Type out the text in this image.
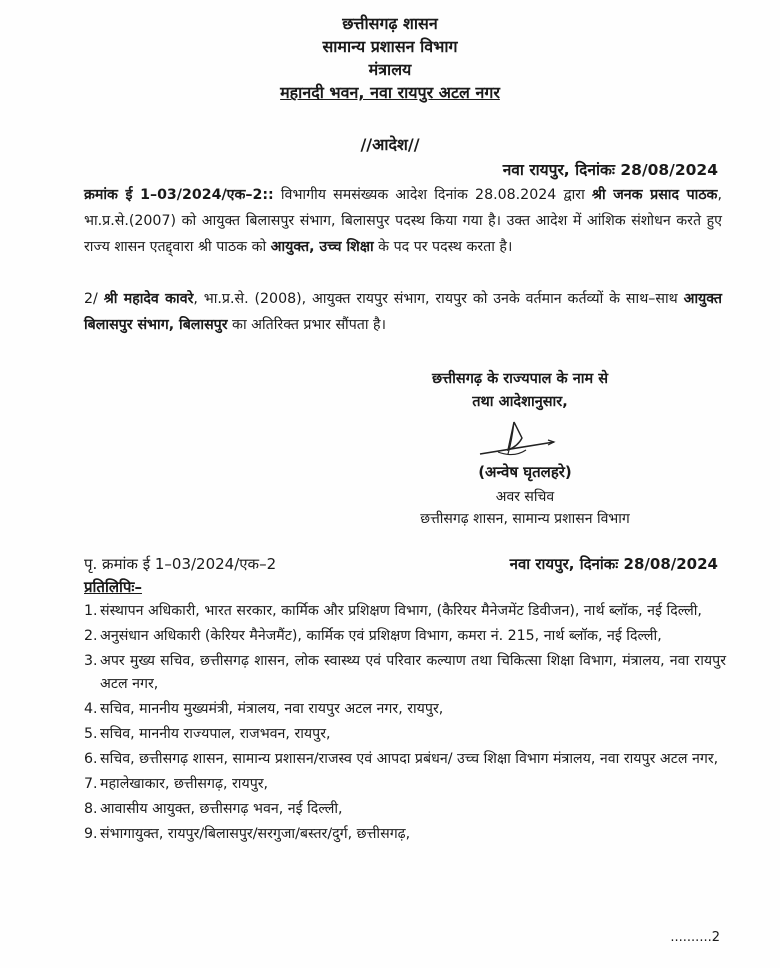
छत्तीसगढ़ शासन
सामान्य प्रशासन विभाग
मंत्रालय
महानदी भवन, नवा रायपुर अटल नगर
//आदेश//
नवा रायपुर, दिनांकः 28/08/2024
क्रमांक ई 1–03/2024/एक–2:: विभागीय समसंख्यक आदेश दिनांक 28.08.2024 द्वारा श्री जनक प्रसाद पाठक, भा.प्र.से.(2007) को आयुक्त बिलासपुर संभाग, बिलासपुर पदस्थ किया गया है। उक्त आदेश में आंशिक संशोधन करते हुए राज्य शासन एतद्द्वारा श्री पाठक को आयुक्त, उच्च शिक्षा के पद पर पदस्थ करता है।
2/ श्री महादेव कावरे, भा.प्र.से. (2008), आयुक्त रायपुर संभाग, रायपुर को उनके वर्तमान कर्तव्यों के साथ–साथ आयुक्त बिलासपुर संभाग, बिलासपुर का अतिरिक्त प्रभार सौंपता है।
छत्तीसगढ़ के राज्यपाल के नाम से
तथा आदेशानुसार,
(अन्वेष घृतलहरे)
अवर सचिव
छत्तीसगढ़ शासन, सामान्य प्रशासन विभाग
पृ. क्रमांक ई 1–03/2024/एक–2	नवा रायपुर, दिनांकः 28/08/2024
प्रतिलिपिः–
1. संस्थापन अधिकारी, भारत सरकार, कार्मिक और प्रशिक्षण विभाग, (कैरियर मैनेजमेंट डिवीजन), नार्थ ब्लॉक, नई दिल्ली,
2. अनुसंधान अधिकारी (केरियर मैनेजमैंट), कार्मिक एवं प्रशिक्षण विभाग, कमरा नं. 215, नार्थ ब्लॉक, नई दिल्ली,
3. अपर मुख्य सचिव, छत्तीसगढ़ शासन, लोक स्वास्थ्य एवं परिवार कल्याण तथा चिकित्सा शिक्षा विभाग, मंत्रालय, नवा रायपुर अटल नगर,
4. सचिव, माननीय मुख्यमंत्री, मंत्रालय, नवा रायपुर अटल नगर, रायपुर,
5. सचिव, माननीय राज्यपाल, राजभवन, रायपुर,
6. सचिव, छत्तीसगढ़ शासन, सामान्य प्रशासन/राजस्व एवं आपदा प्रबंधन/ उच्च शिक्षा विभाग मंत्रालय, नवा रायपुर अटल नगर,
7. महालेखाकार, छत्तीसगढ़, रायपुर,
8. आवासीय आयुक्त, छत्तीसगढ़ भवन, नई दिल्ली,
9. संभागायुक्त, रायपुर/बिलासपुर/सरगुजा/बस्तर/दुर्ग, छत्तीसगढ़,
..........2
